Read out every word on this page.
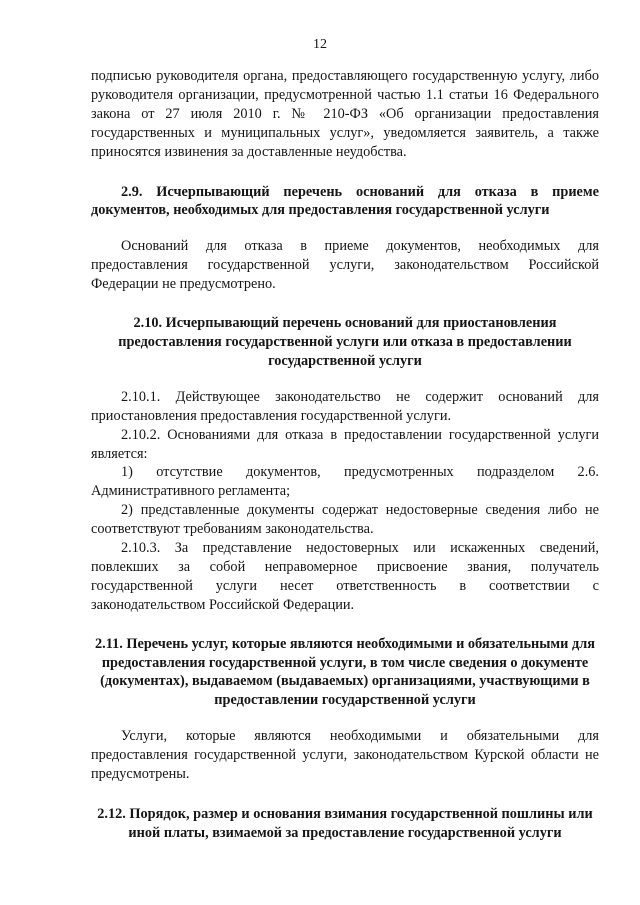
12

подписью руководителя органа, предоставляющего государственную услугу, либо руководителя организации, предусмотренной частью 1.1 статьи 16 Федерального закона от 27 июля 2010 г. № 210-ФЗ «Об организации предоставления государственных и муниципальных услуг», уведомляется заявитель, а также приносятся извинения за доставленные неудобства.

2.9. Исчерпывающий перечень оснований для отказа в приеме документов, необходимых для предоставления государственной услуги

Оснований для отказа в приеме документов, необходимых для предоставления государственной услуги, законодательством Российской Федерации не предусмотрено.

2.10. Исчерпывающий перечень оснований для приостановления предоставления государственной услуги или отказа в предоставлении государственной услуги

2.10.1. Действующее законодательство не содержит оснований для приостановления предоставления государственной услуги.

2.10.2. Основаниями для отказа в предоставлении государственной услуги является:

1) отсутствие документов, предусмотренных подразделом 2.6. Административного регламента;

2) представленные документы содержат недостоверные сведения либо не соответствуют требованиям законодательства.

2.10.3. За представление недостоверных или искаженных сведений, повлекших за собой неправомерное присвоение звания, получатель государственной услуги несет ответственность в соответствии с законодательством Российской Федерации.

2.11. Перечень услуг, которые являются необходимыми и обязательными для предоставления государственной услуги, в том числе сведения о документе (документах), выдаваемом (выдаваемых) организациями, участвующими в предоставлении государственной услуги

Услуги, которые являются необходимыми и обязательными для предоставления государственной услуги, законодательством Курской области не предусмотрены.

2.12. Порядок, размер и основания взимания государственной пошлины или иной платы, взимаемой за предоставление государственной услуги
